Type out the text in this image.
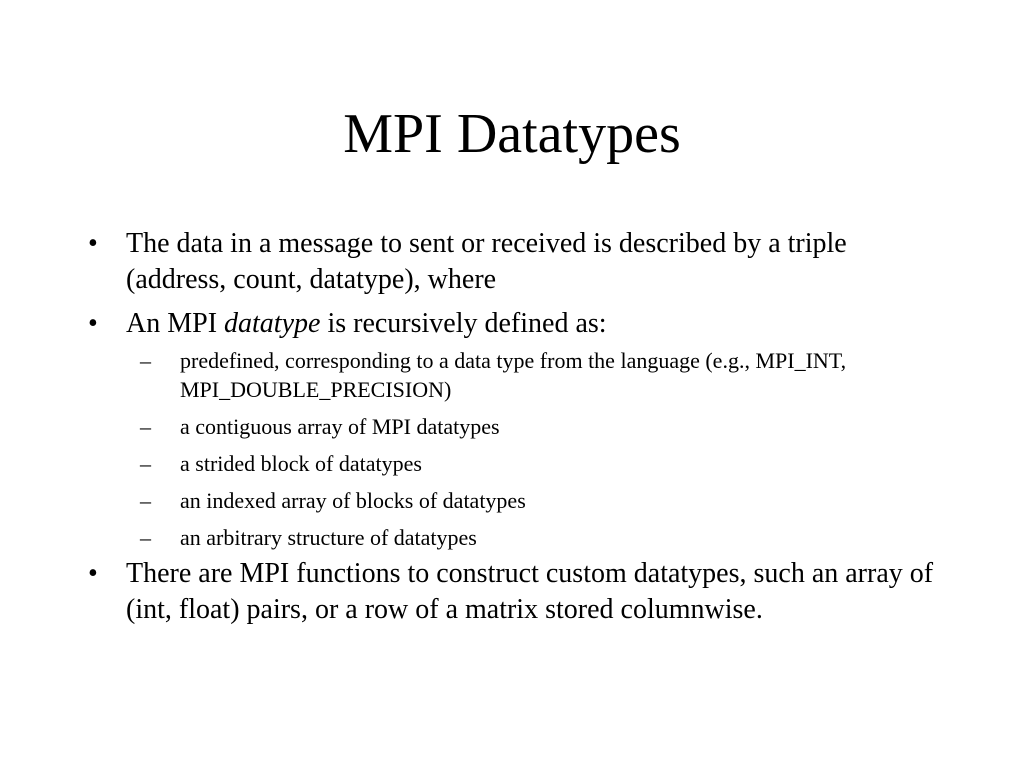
MPI Datatypes
• The data in a message to sent or received is described by a triple (address, count, datatype), where
• An MPI datatype is recursively defined as:
– predefined, corresponding to a data type from the language (e.g., MPI_INT, MPI_DOUBLE_PRECISION)
– a contiguous array of MPI datatypes
– a strided block of datatypes
– an indexed array of blocks of datatypes
– an arbitrary structure of datatypes
• There are MPI functions to construct custom datatypes, such an array of (int, float) pairs, or a row of a matrix stored columnwise.
